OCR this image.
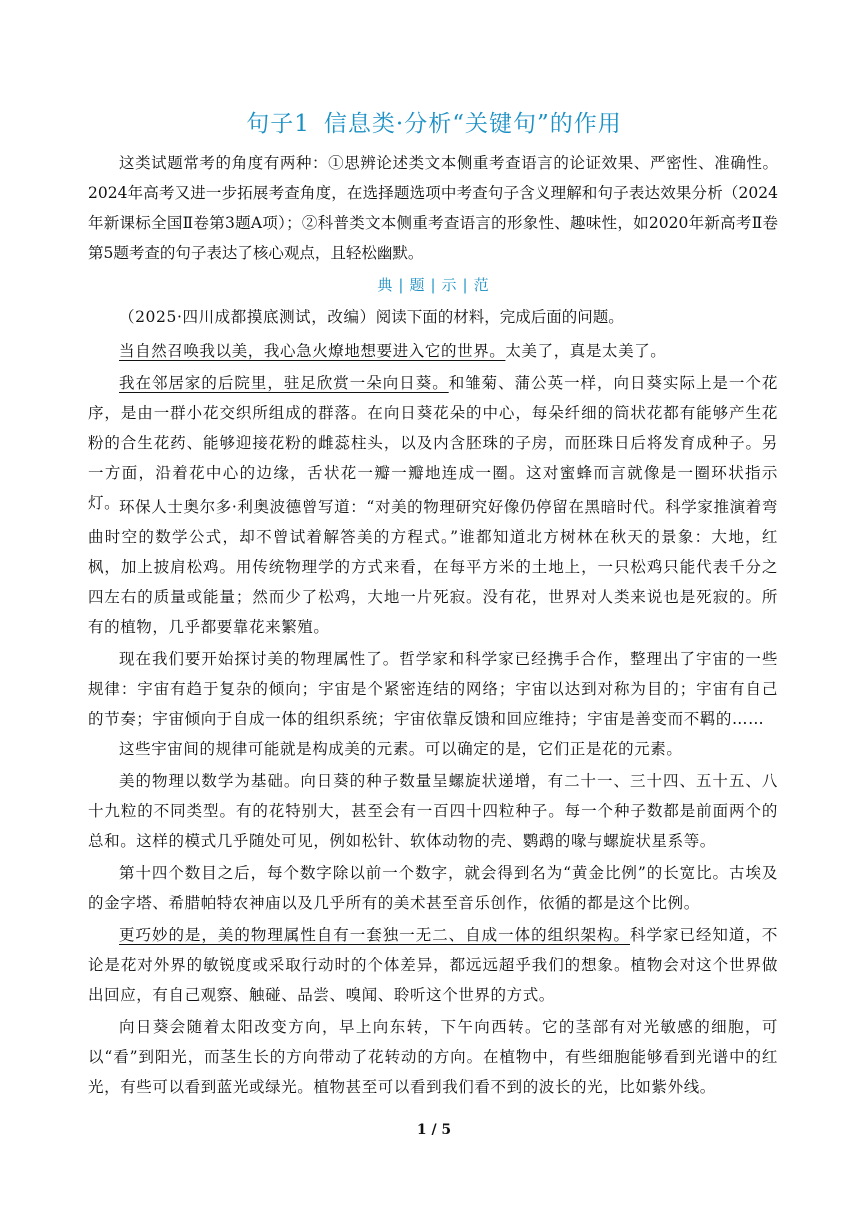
句子1 信息类·分析“关键句”的作用
这类试题常考的角度有两种：①思辨论述类文本侧重考查语言的论证效果、严密性、准确性。2024年高考又进一步拓展考查角度，在选择题选项中考查句子含义理解和句子表达效果分析（2024年新课标全国Ⅱ卷第3题A项）；②科普类文本侧重考查语言的形象性、趣味性，如2020年新高考Ⅱ卷第5题考查的句子表达了核心观点，且轻松幽默。
典 | 题 | 示 | 范
（2025·四川成都摸底测试，改编）阅读下面的材料，完成后面的问题。
当自然召唤我以美，我心急火燎地想要进入它的世界。太美了，真是太美了。
我在邻居家的后院里，驻足欣赏一朵向日葵。和雏菊、蒲公英一样，向日葵实际上是一个花序，是由一群小花交织所组成的群落。在向日葵花朵的中心，每朵纤细的筒状花都有能够产生花粉的合生花药、能够迎接花粉的雌蕊柱头，以及内含胚珠的子房，而胚珠日后将发育成种子。另一方面，沿着花中心的边缘，舌状花一瓣一瓣地连成一圈。这对蜜蜂而言就像是一圈环状指示灯。
环保人士奥尔多·利奥波德曾写道：“对美的物理研究好像仍停留在黑暗时代。科学家推演着弯曲时空的数学公式，却不曾试着解答美的方程式。”谁都知道北方树林在秋天的景象：大地，红枫，加上披肩松鸡。用传统物理学的方式来看，在每平方米的土地上，一只松鸡只能代表千分之四左右的质量或能量；然而少了松鸡，大地一片死寂。没有花，世界对人类来说也是死寂的。所有的植物，几乎都要靠花来繁殖。
现在我们要开始探讨美的物理属性了。哲学家和科学家已经携手合作，整理出了宇宙的一些规律：宇宙有趋于复杂的倾向；宇宙是个紧密连结的网络；宇宙以达到对称为目的；宇宙有自己的节奏；宇宙倾向于自成一体的组织系统；宇宙依靠反馈和回应维持；宇宙是善变而不羁的……
这些宇宙间的规律可能就是构成美的元素。可以确定的是，它们正是花的元素。
美的物理以数学为基础。向日葵的种子数量呈螺旋状递增，有二十一、三十四、五十五、八十九粒的不同类型。有的花特别大，甚至会有一百四十四粒种子。每一个种子数都是前面两个的总和。这样的模式几乎随处可见，例如松针、软体动物的壳、鹦鹉的喙与螺旋状星系等。
第十四个数目之后，每个数字除以前一个数字，就会得到名为“黄金比例”的长宽比。古埃及的金字塔、希腊帕特农神庙以及几乎所有的美术甚至音乐创作，依循的都是这个比例。
更巧妙的是，美的物理属性自有一套独一无二、自成一体的组织架构。科学家已经知道，不论是花对外界的敏锐度或采取行动时的个体差异，都远远超乎我们的想象。植物会对这个世界做出回应，有自己观察、触碰、品尝、嗅闻、聆听这个世界的方式。
向日葵会随着太阳改变方向，早上向东转，下午向西转。它的茎部有对光敏感的细胞，可以“看”到阳光，而茎生长的方向带动了花转动的方向。在植物中，有些细胞能够看到光谱中的红光，有些可以看到蓝光或绿光。植物甚至可以看到我们看不到的波长的光，比如紫外线。
1 / 5
